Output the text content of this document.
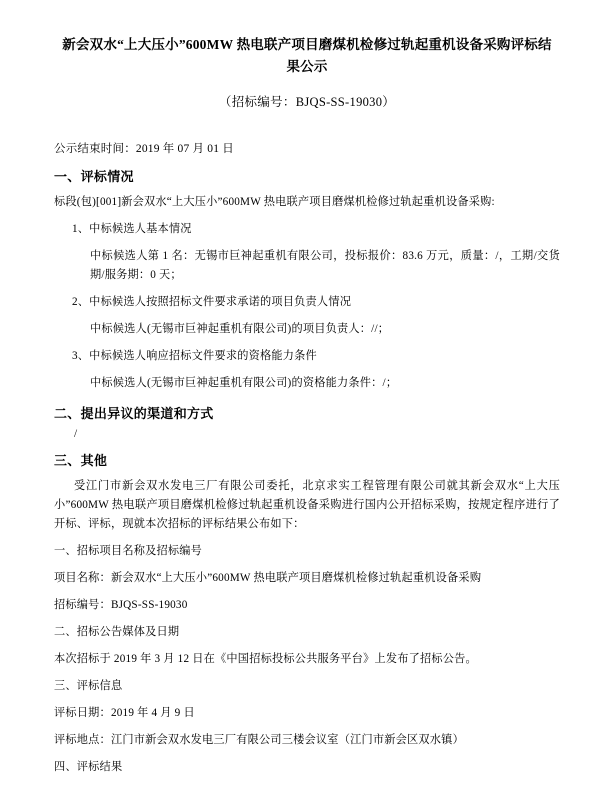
新会双水“上大压小”600MW 热电联产项目磨煤机检修过轨起重机设备采购评标结果公示
（招标编号：BJQS-SS-19030）
公示结束时间：2019 年 07 月 01 日
一、评标情况

标段(包)[001]新会双水“上大压小”600MW 热电联产项目磨煤机检修过轨起重机设备采购:

1、中标候选人基本情况

中标候选人第 1 名：无锡市巨神起重机有限公司，投标报价：83.6 万元，质量：/，工期/交货期/服务期：0 天；

2、中标候选人按照招标文件要求承诺的项目负责人情况

中标候选人(无锡市巨神起重机有限公司)的项目负责人：//；

3、中标候选人响应招标文件要求的资格能力条件

中标候选人(无锡市巨神起重机有限公司)的资格能力条件：/；

二、提出异议的渠道和方式
/
三、其他

受江门市新会双水发电三厂有限公司委托，北京求实工程管理有限公司就其新会双水“上大压小”600MW 热电联产项目磨煤机检修过轨起重机设备采购进行国内公开招标采购，按规定程序进行了开标、评标，现就本次招标的评标结果公布如下：

一、招标项目名称及招标编号

项目名称：新会双水“上大压小”600MW 热电联产项目磨煤机检修过轨起重机设备采购

招标编号：BJQS-SS-19030

二、招标公告媒体及日期

本次招标于 2019 年 3 月 12 日在《中国招标投标公共服务平台》上发布了招标公告。

三、评标信息

评标日期：2019 年 4 月 9 日

评标地点：江门市新会双水发电三厂有限公司三楼会议室（江门市新会区双水镇）

四、评标结果
